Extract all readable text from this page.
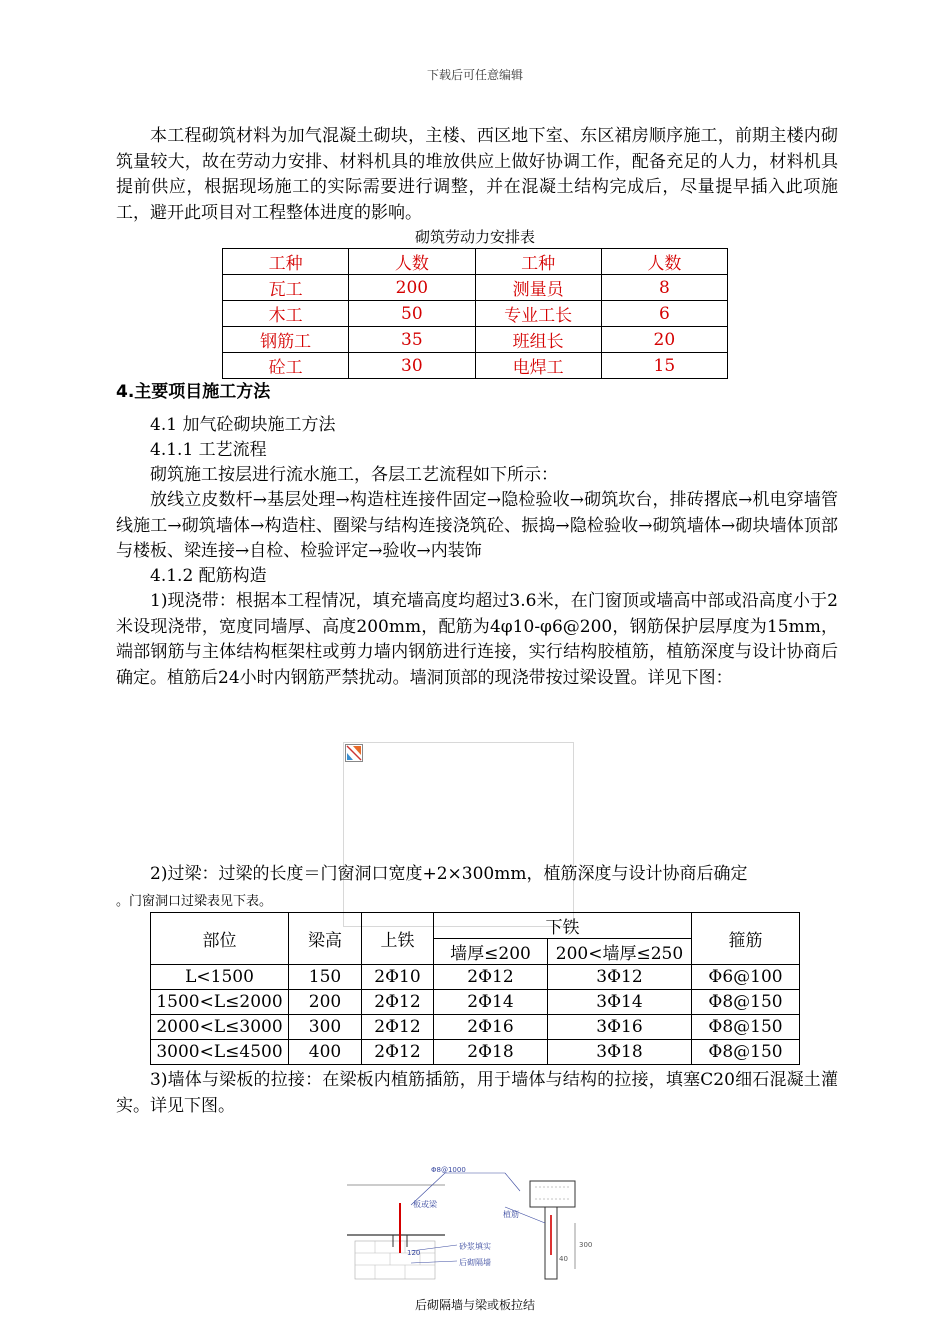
下载后可任意编辑
本工程砌筑材料为加气混凝土砌块，主楼、西区地下室、东区裙房顺序施工，前期主楼内砌筑量较大，故在劳动力安排、材料机具的堆放供应上做好协调工作，配备充足的人力，材料机具提前供应，根据现场施工的实际需要进行调整，并在混凝土结构完成后，尽量提早插入此项施工，避开此项目对工程整体进度的影响。
砌筑劳动力安排表
工种	人数	工种	人数
瓦工	200	测量员	8
木工	50	专业工长	6
钢筋工	35	班组长	20
砼工	30	电焊工	15
4.主要项目施工方法
4.1 加气砼砌块施工方法
4.1.1 工艺流程
砌筑施工按层进行流水施工，各层工艺流程如下所示：
放线立皮数杆→基层处理→构造柱连接件固定→隐检验收→砌筑坎台，排砖撂底→机电穿墙管线施工→砌筑墙体→构造柱、圈梁与结构连接浇筑砼、振捣→隐检验收→砌筑墙体→砌块墙体顶部与楼板、梁连接→自检、检验评定→验收→内装饰
4.1.2 配筋构造
1)现浇带：根据本工程情况，填充墙高度均超过3.6米，在门窗顶或墙高中部或沿高度小于2米设现浇带，宽度同墙厚、高度200mm，配筋为4φ10-φ6@200，钢筋保护层厚度为15mm，端部钢筋与主体结构框架柱或剪力墙内钢筋进行连接，实行结构胶植筋，植筋深度与设计协商后确定。植筋后24小时内钢筋严禁扰动。墙洞顶部的现浇带按过梁设置。详见下图：
2)过梁：过梁的长度＝门窗洞口宽度+2×300mm，植筋深度与设计协商后确定
。门窗洞口过梁表见下表。
部位	梁高	上铁	下铁		箍筋
			墙厚≤200	200<墙厚≤250	
L<1500	150	2Φ10	2Φ12	3Φ12	Φ6@100
1500<L≤2000	200	2Φ12	2Φ14	3Φ14	Φ8@150
2000<L≤3000	300	2Φ12	2Φ16	3Φ16	Φ8@150
3000<L≤4500	400	2Φ12	2Φ18	3Φ18	Φ8@150
3)墙体与梁板的拉接：在梁板内植筋插筋，用于墙体与结构的拉接，填塞C20细石混凝土灌实。详见下图。
Φ8@1000
板或梁
120
砂浆填实
后砌隔墙
植筋
300
40
后砌隔墙与梁或板拉结
